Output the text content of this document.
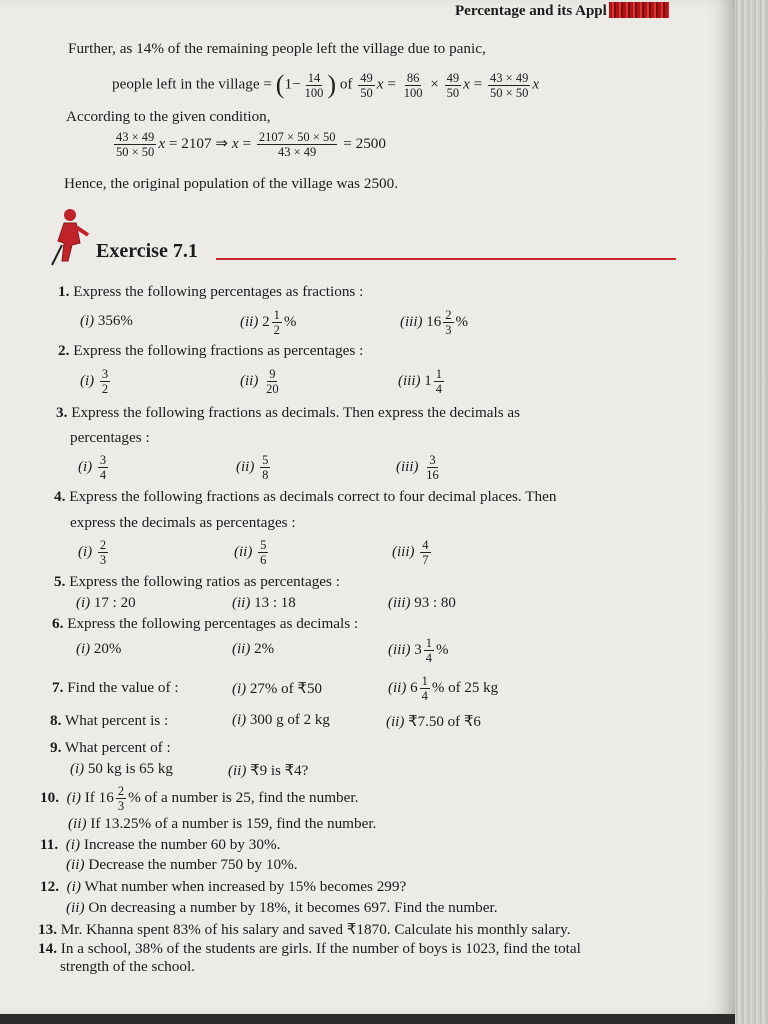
Percentage and its Appl
Further, as 14% of the remaining people left the village due to panic,
people left in the village = ($1- \frac{14}{100}$ ) of $\frac{49}{50}$ $x = \frac{86}{100} \times \frac{49}{50}$ $x = \frac{43 \times 49}{50 \times 50}$ x
According to the given condition,
$\frac{43 \times 49}{50 \times 50}$ x = 2107 ⇒ $x = \frac{2107 \times 50 \times 50}{43 \times 49} = 2500$
Hence, the original population of the village was 2500.
Exercise 7.1
1. Express the following percentages as fractions :
(i) 356%	(ii) $2 \frac{1}{2}$ %	(iii) $16 \frac{2}{3}$ %
2. Express the following fractions as percentages :
$(i) \frac{3}{2}$	$(ii) \frac{9}{20}$	(iii) $1 \frac{1}{4}$
3. Express the following fractions as decimals. Then express the decimals as
percentages :
$(i) \frac{3}{4}$	$(ii) \frac{5}{8}$	$(iii) \frac{3}{16}$
4. Express the following fractions as decimals correct to four decimal places. Then
express the decimals as percentages :
$(i) \frac{2}{3}$	$(ii) \frac{5}{6}$	$(iii) \frac{4}{7}$
5. Express the following ratios as percentages :
(i) 17 : 20	(ii) 13 : 18	(iii) 93 : 80
6. Express the following percentages as decimals :
(i) 20%	(ii) 2%	(iii) $3 \frac{1}{4}$ %
7. Find the value of :	(i) 27% of ₹50	(ii) $6 \frac{1}{4}$ % of 25 kg
8. What percent is :	(i) 300 g of 2 kg	(ii) ₹7.50 of ₹6
9. What percent of :
(i) 50 kg is 65 kg	(ii) ₹9 is ₹4?
10. (i) If $16 \frac{2}{3}$ % of a number is 25, find the number.
(ii) If 13.25% of a number is 159, find the number.
11. (i) Increase the number 60 by 30%.
(ii) Decrease the number 750 by 10%.
12. (i) What number when increased by 15% becomes 299?
(ii) On decreasing a number by 18%, it becomes 697. Find the number.
13. Mr. Khanna spent 83% of his salary and saved ₹1870. Calculate his monthly salary.
14. In a school, 38% of the students are girls. If the number of boys is 1023, find the total
strength of the school.
